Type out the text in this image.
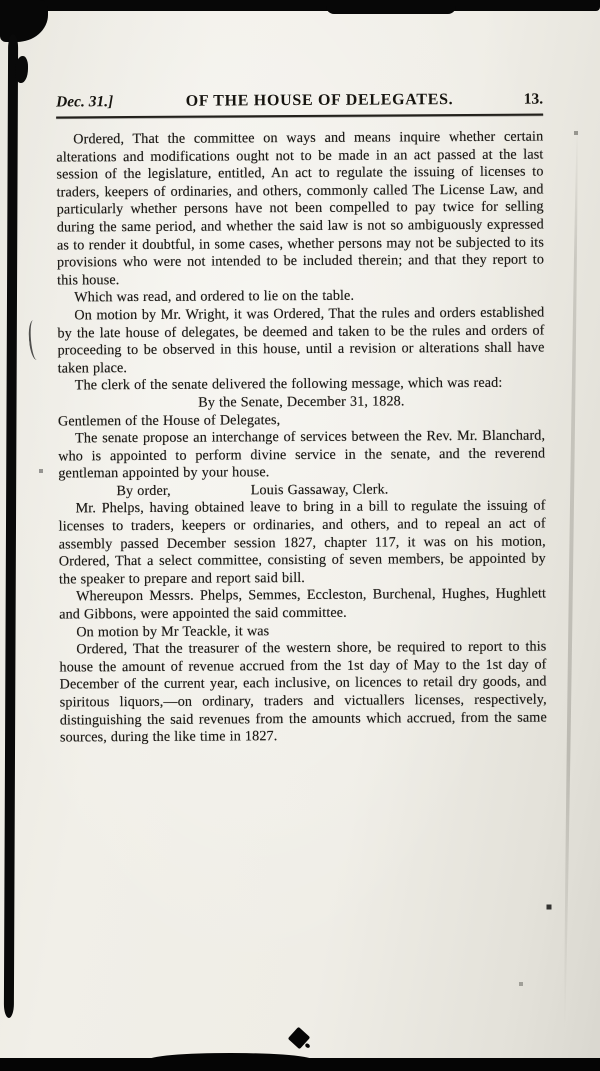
Dec. 31.]	OF THE HOUSE OF DELEGATES.	13.

Ordered, That the committee on ways and means inquire whether certain alterations and modifications ought not to be made in an act passed at the last session of the legislature, entitled, An act to regulate the issuing of licenses to traders, keepers of ordinaries, and others, commonly called The License Law, and particularly whether persons have not been compelled to pay twice for selling during the same period, and whether the said law is not so ambiguously expressed as to render it doubtful, in some cases, whether persons may not be subjected to its provisions who were not intended to be included therein; and that they report to this house.

Which was read, and ordered to lie on the table.

On motion by Mr. Wright, it was Ordered, That the rules and orders established by the late house of delegates, be deemed and taken to be the rules and orders of proceeding to be observed in this house, until a revision or alterations shall have taken place.

The clerk of the senate delivered the following message, which was read:

By the Senate, December 31, 1828.

Gentlemen of the House of Delegates,

The senate propose an interchange of services between the Rev. Mr. Blanchard, who is appointed to perform divine service in the senate, and the reverend gentleman appointed by your house.

By order,	Louis Gassaway, Clerk.

Mr. Phelps, having obtained leave to bring in a bill to regulate the issuing of licenses to traders, keepers or ordinaries, and others, and to repeal an act of assembly passed December session 1827, chapter 117, it was on his motion, Ordered, That a select committee, consisting of seven members, be appointed by the speaker to prepare and report said bill.

Whereupon Messrs. Phelps, Semmes, Eccleston, Burchenal, Hughes, Hughlett and Gibbons, were appointed the said committee.

On motion by Mr Teackle, it was

Ordered, That the treasurer of the western shore, be required to report to this house the amount of revenue accrued from the 1st day of May to the 1st day of December of the current year, each inclusive, on licences to retail dry goods, and spiritous liquors,—on ordinary, traders and victuallers licenses, respectively, distinguishing the said revenues from the amounts which accrued, from the same sources, during the like time in 1827.
